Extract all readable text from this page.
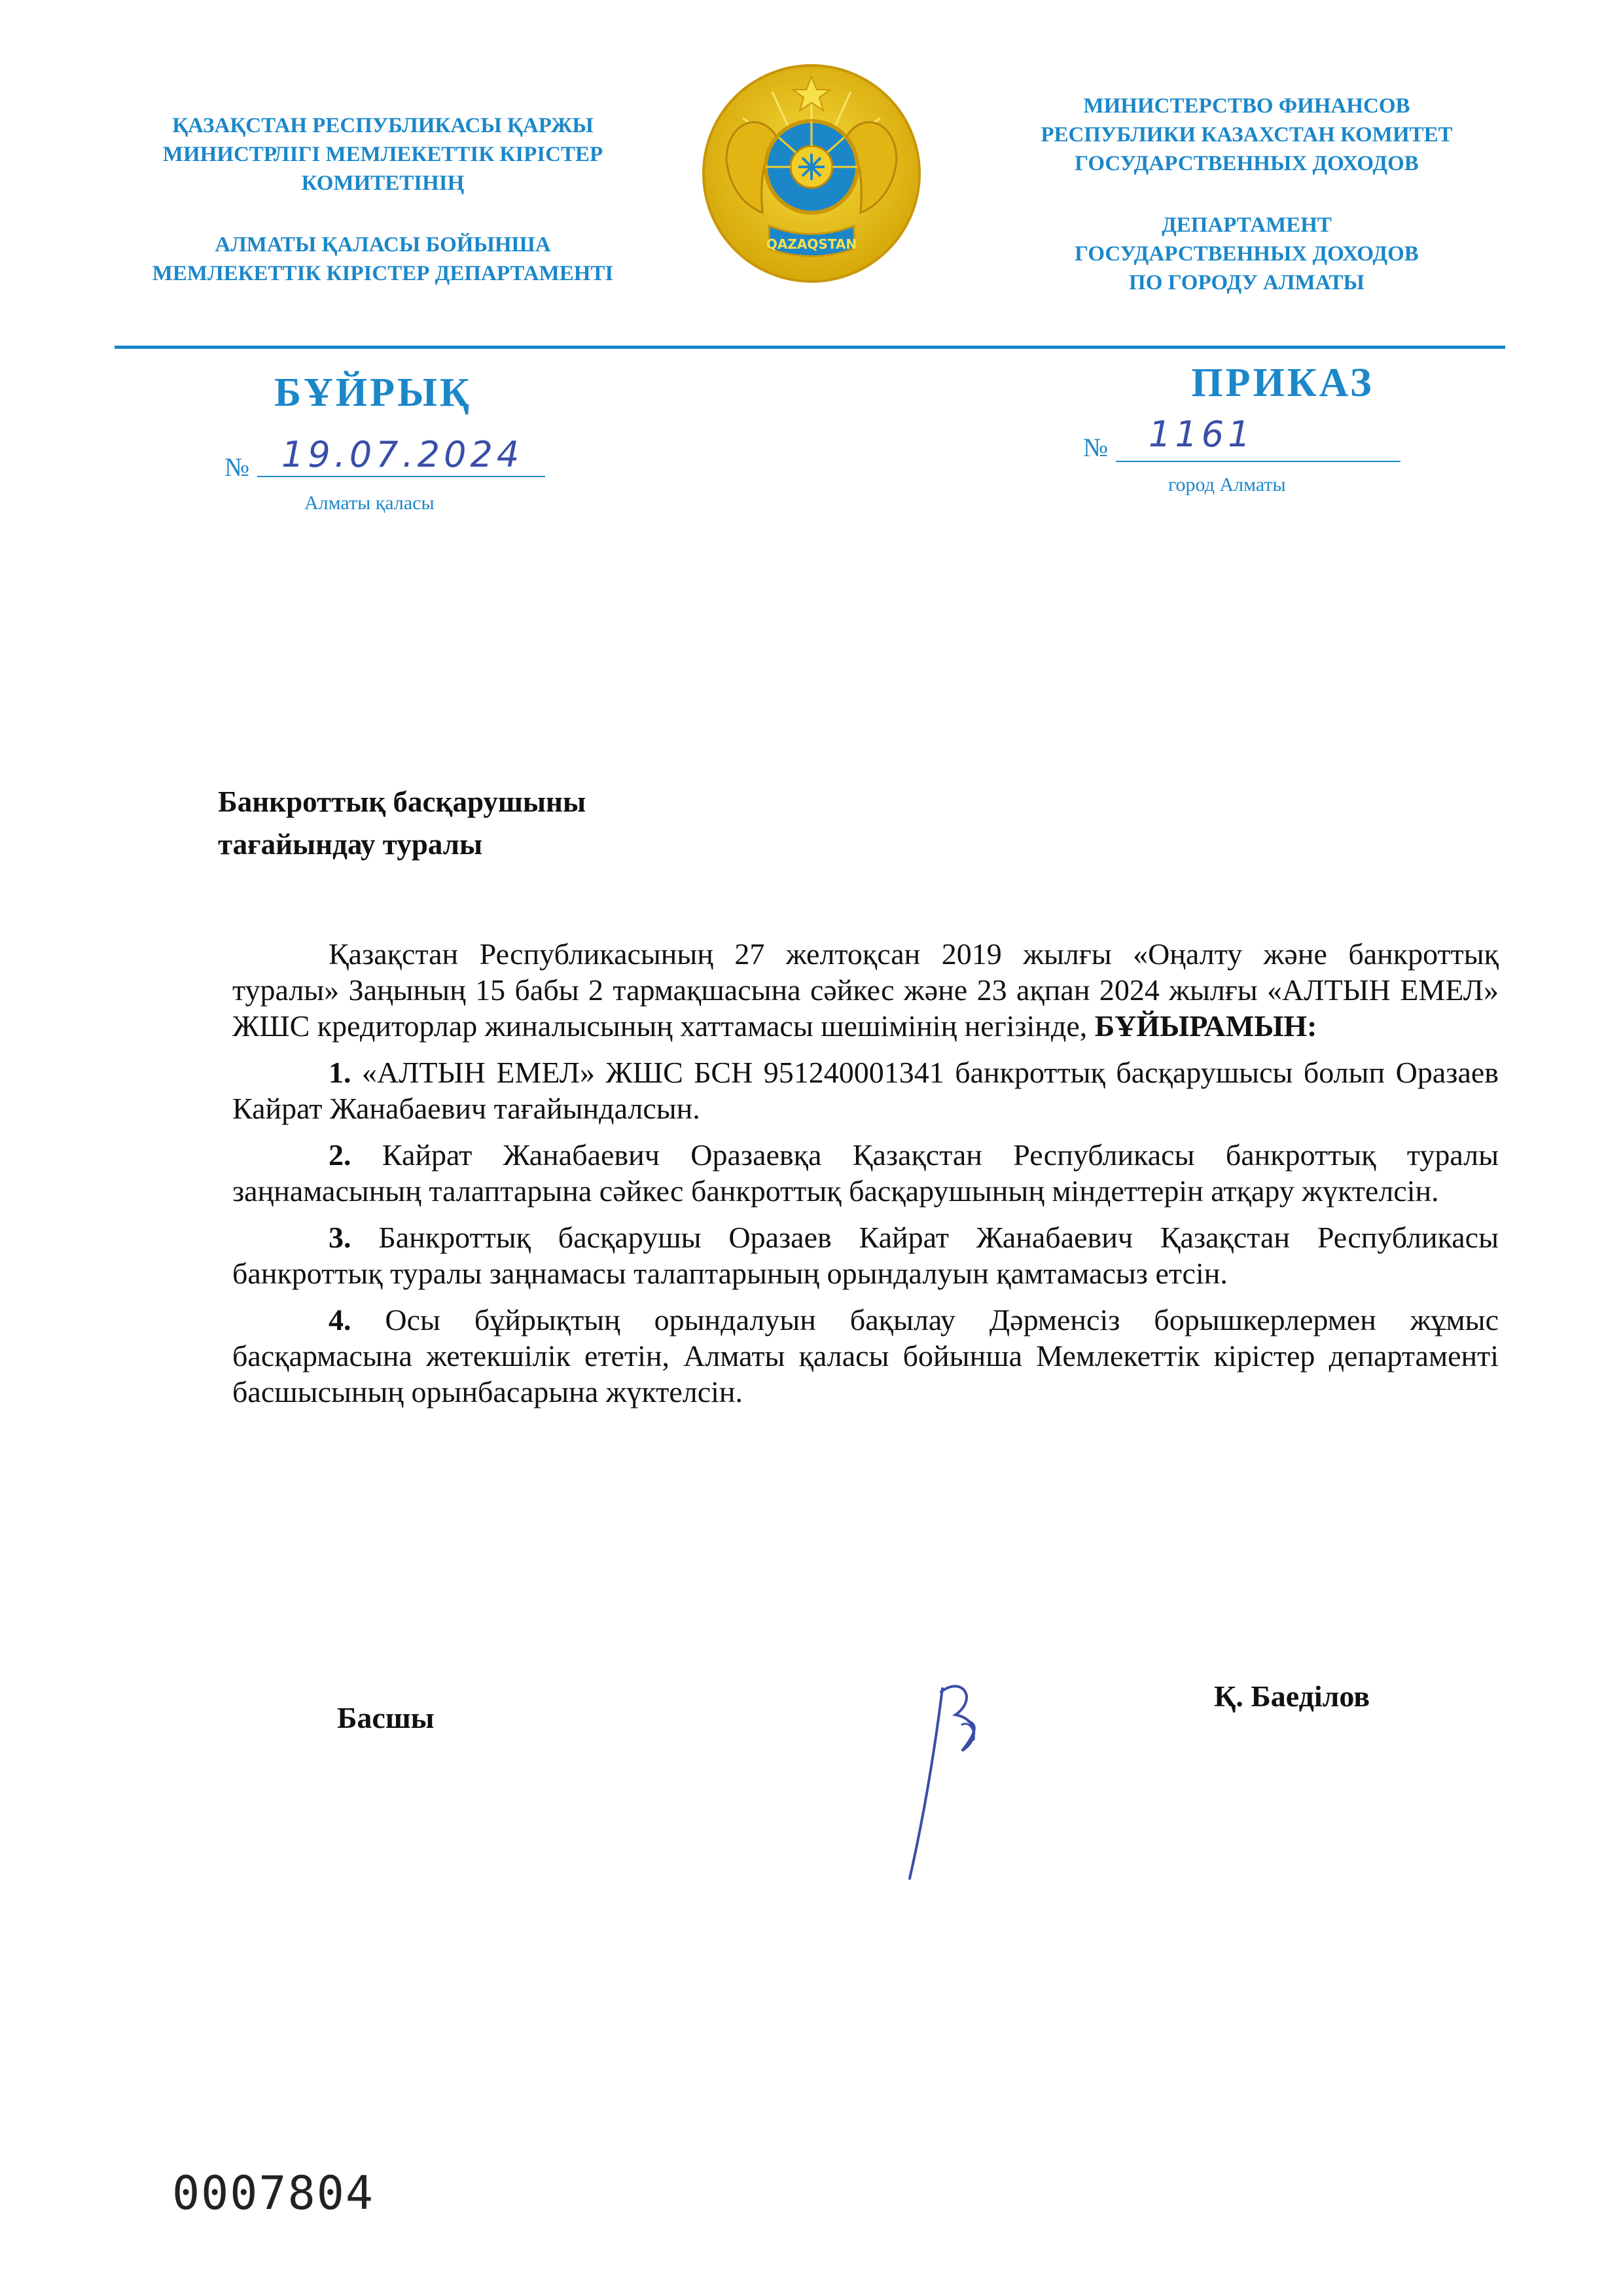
ҚАЗАҚСТАН РЕСПУБЛИКАСЫ ҚАРЖЫ
МИНИСТРЛІГІ МЕМЛЕКЕТТІК КІРІСТЕР
КОМИТЕТІНІҢ
АЛМАТЫ ҚАЛАСЫ БОЙЫНША
МЕМЛЕКЕТТІК КІРІСТЕР ДЕПАРТАМЕНТІ
QAZAQSTAN
МИНИСТЕРСТВО ФИНАНСОВ
РЕСПУБЛИКИ КАЗАХСТАН КОМИТЕТ
ГОСУДАРСТВЕННЫХ ДОХОДОВ
ДЕПАРТАМЕНТ
ГОСУДАРСТВЕННЫХ ДОХОДОВ
ПО ГОРОДУ АЛМАТЫ
БҰЙРЫҚ	ПРИКАЗ
№ 19.07.2024
Алматы қаласы
№ 1161
город Алматы
Банкроттық басқарушыны
тағайындау туралы

Қазақстан Республикасының 27 желтоқсан 2019 жылғы «Оңалту және банкроттық туралы» Заңының 15 бабы 2 тармақшасына сәйкес және 23 ақпан 2024 жылғы «АЛТЫН ЕМЕЛ» ЖШС кредиторлар жиналысының хаттамасы шешімінің негізінде, БҰЙЫРАМЫН:

1. «АЛТЫН ЕМЕЛ» ЖШС БСН 951240001341 банкроттық басқарушысы болып Оразаев Кайрат Жанабаевич тағайындалсын.

2. Кайрат Жанабаевич Оразаевқа Қазақстан Республикасы банкроттық туралы заңнамасының талаптарына сәйкес банкроттық басқарушының міндеттерін атқару жүктелсін.

3. Банкроттық басқарушы Оразаев Кайрат Жанабаевич Қазақстан Республикасы банкроттық туралы заңнамасы талаптарының орындалуын қамтамасыз етсін.

4. Осы бұйрықтың орындалуын бақылау Дәрменсіз борышкерлермен жұмыс басқармасына жетекшілік ететін, Алматы қаласы бойынша Мемлекеттік кірістер департаменті басшысының орынбасарына жүктелсін.

Басшы
Қ. Баеділов
0007804
